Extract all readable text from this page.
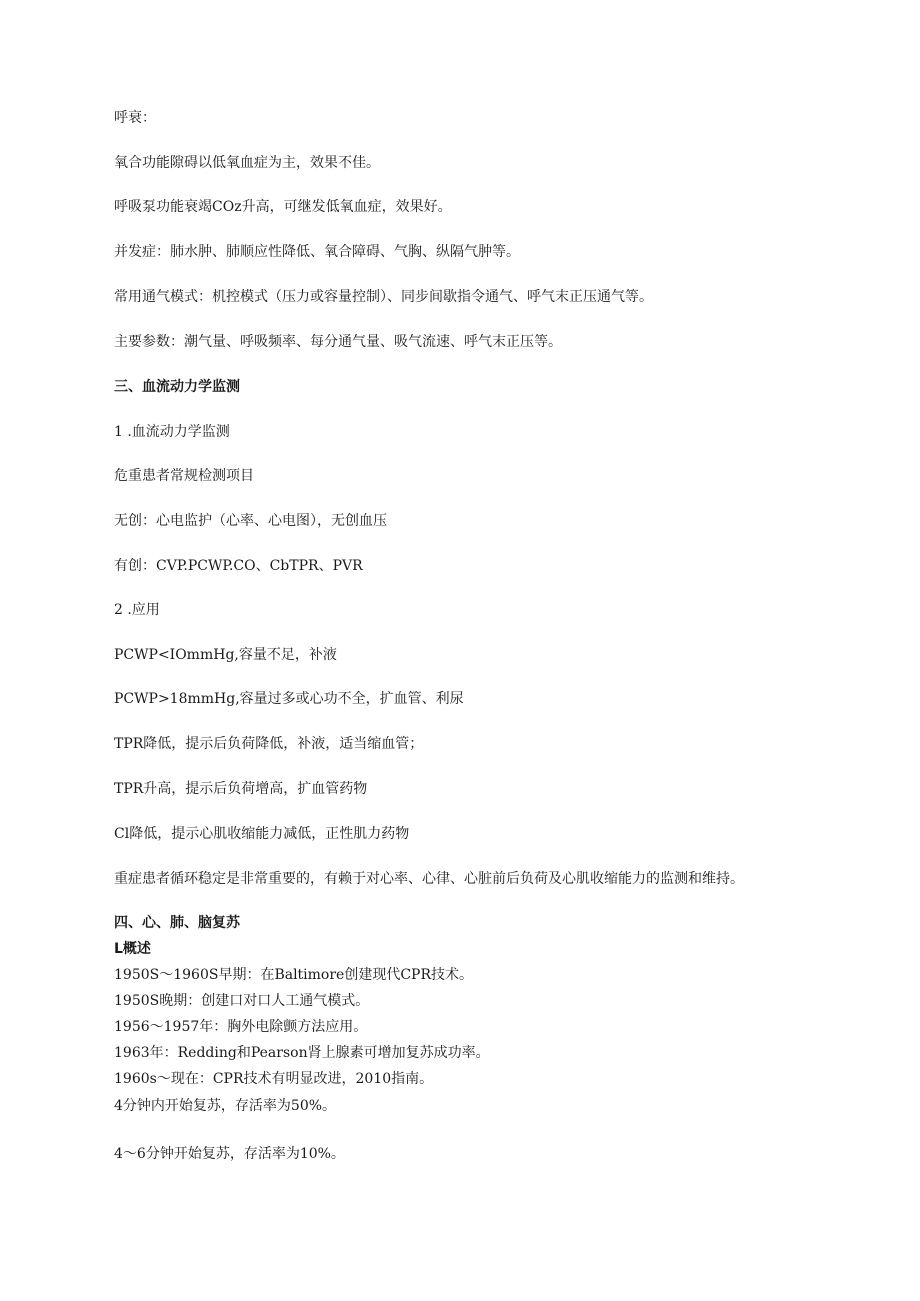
呼衰：
氧合功能隙碍以低氧血症为主，效果不佳。
呼吸泵功能衰竭COz升高，可继发低氧血症，效果好。
并发症：肺水肿、肺顺应性降低、氧合障碍、气胸、纵隔气肿等。
常用通气模式：机控模式（压力或容量控制）、同步间歇指令通气、呼气末正压通气等。
主要参数：潮气量、呼吸频率、每分通气量、吸气流速、呼气末正压等。
三、血流动力学监测
1 .血流动力学监测
危重患者常规检测项目
无创：心电监护（心率、心电图），无创血压
有创：CVP.PCWP.CO、CbTPR、PVR
2 .应用
PCWP<IOmmHg,容量不足，补液
PCWP>18mmHg,容量过多或心功不全，扩血管、利尿
TPR降低，提示后负荷降低，补液，适当缩血管；
TPR升高，提示后负荷增高，扩血管药物
Cl降低，提示心肌收缩能力减低，正性肌力药物
重症患者循环稳定是非常重要的，有赖于对心率、心律、心脏前后负荷及心肌收缩能力的监测和维持。
四、心、肺、脑复苏
L概述
1950S～1960S早期：在Baltimore创建现代CPR技术。
1950S晚期：创建口对口人工通气模式。
1956～1957年：胸外电除颤方法应用。
1963年：Redding和Pearson肾上腺素可增加复苏成功率。
1960s～现在：CPR技术有明显改进，2010指南。
4分钟内开始复苏，存活率为50%。
4～6分钟开始复苏，存活率为10%。
